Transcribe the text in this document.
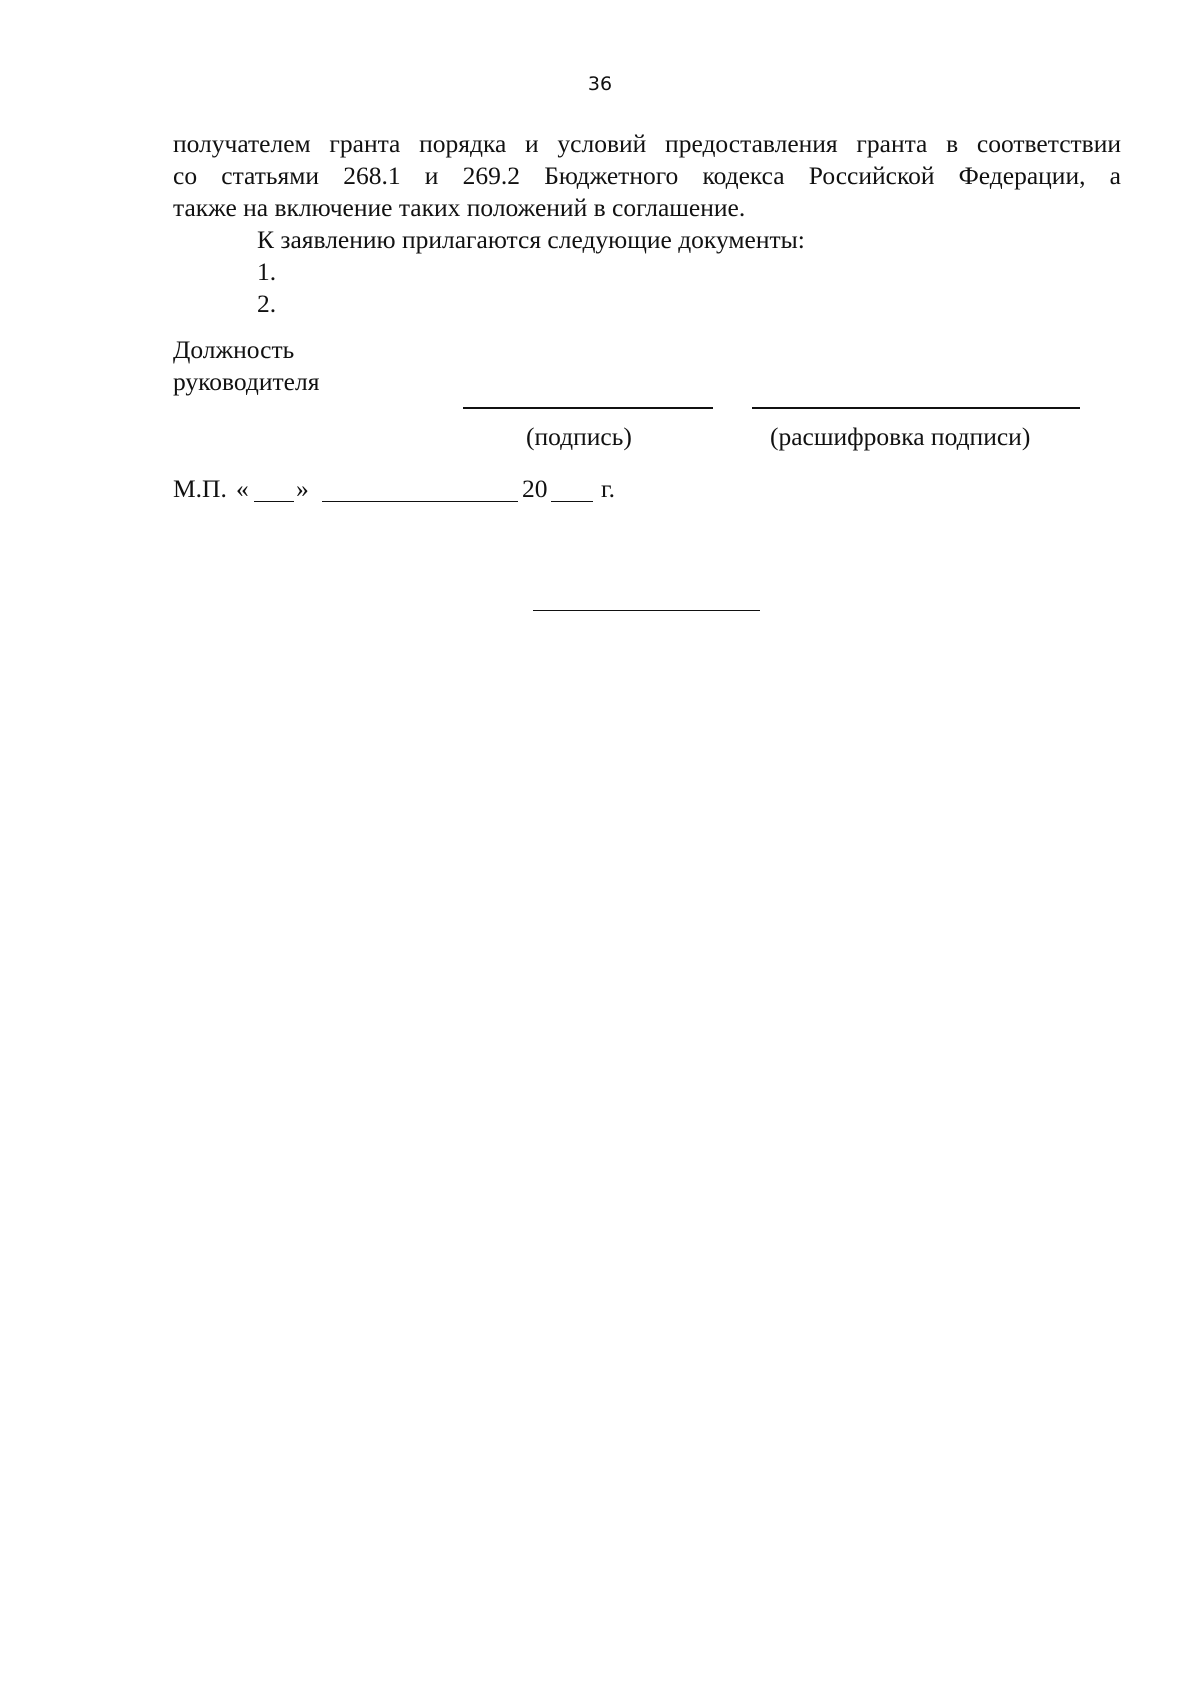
36
получателем гранта порядка и условий предоставления гранта в соответствии
со статьями 268.1 и 269.2 Бюджетного кодекса Российской Федерации, а
также на включение таких положений в соглашение.
К заявлению прилагаются следующие документы:
1.
2.
Должность
руководителя
(подпись)	(расшифровка подписи)
М.П. « »	20 г.
